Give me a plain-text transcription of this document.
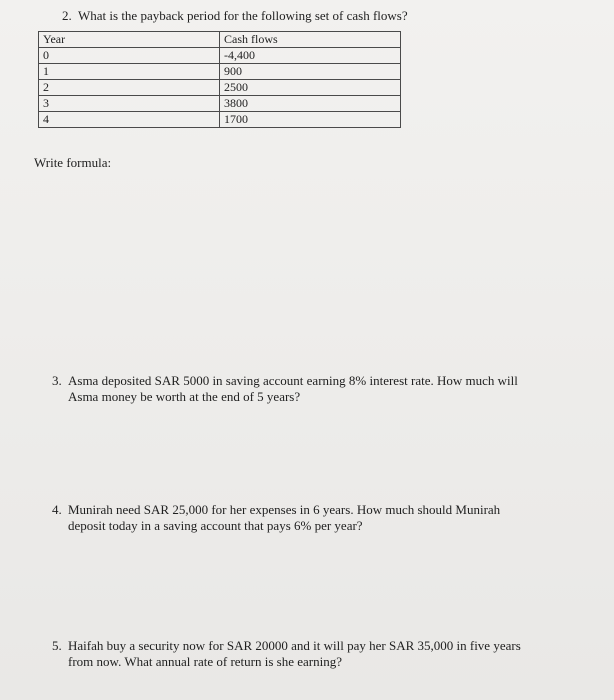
2. What is the payback period for the following set of cash flows?
Year	Cash flows
0	-4,400
1	900
2	2500
3	3800
4	1700
Write formula:
3. Asma deposited SAR 5000 in saving account earning 8% interest rate. How much will
Asma money be worth at the end of 5 years?
4. Munirah need SAR 25,000 for her expenses in 6 years. How much should Munirah
deposit today in a saving account that pays 6% per year?
5. Haifah buy a security now for SAR 20000 and it will pay her SAR 35,000 in five years
from now. What annual rate of return is she earning?
